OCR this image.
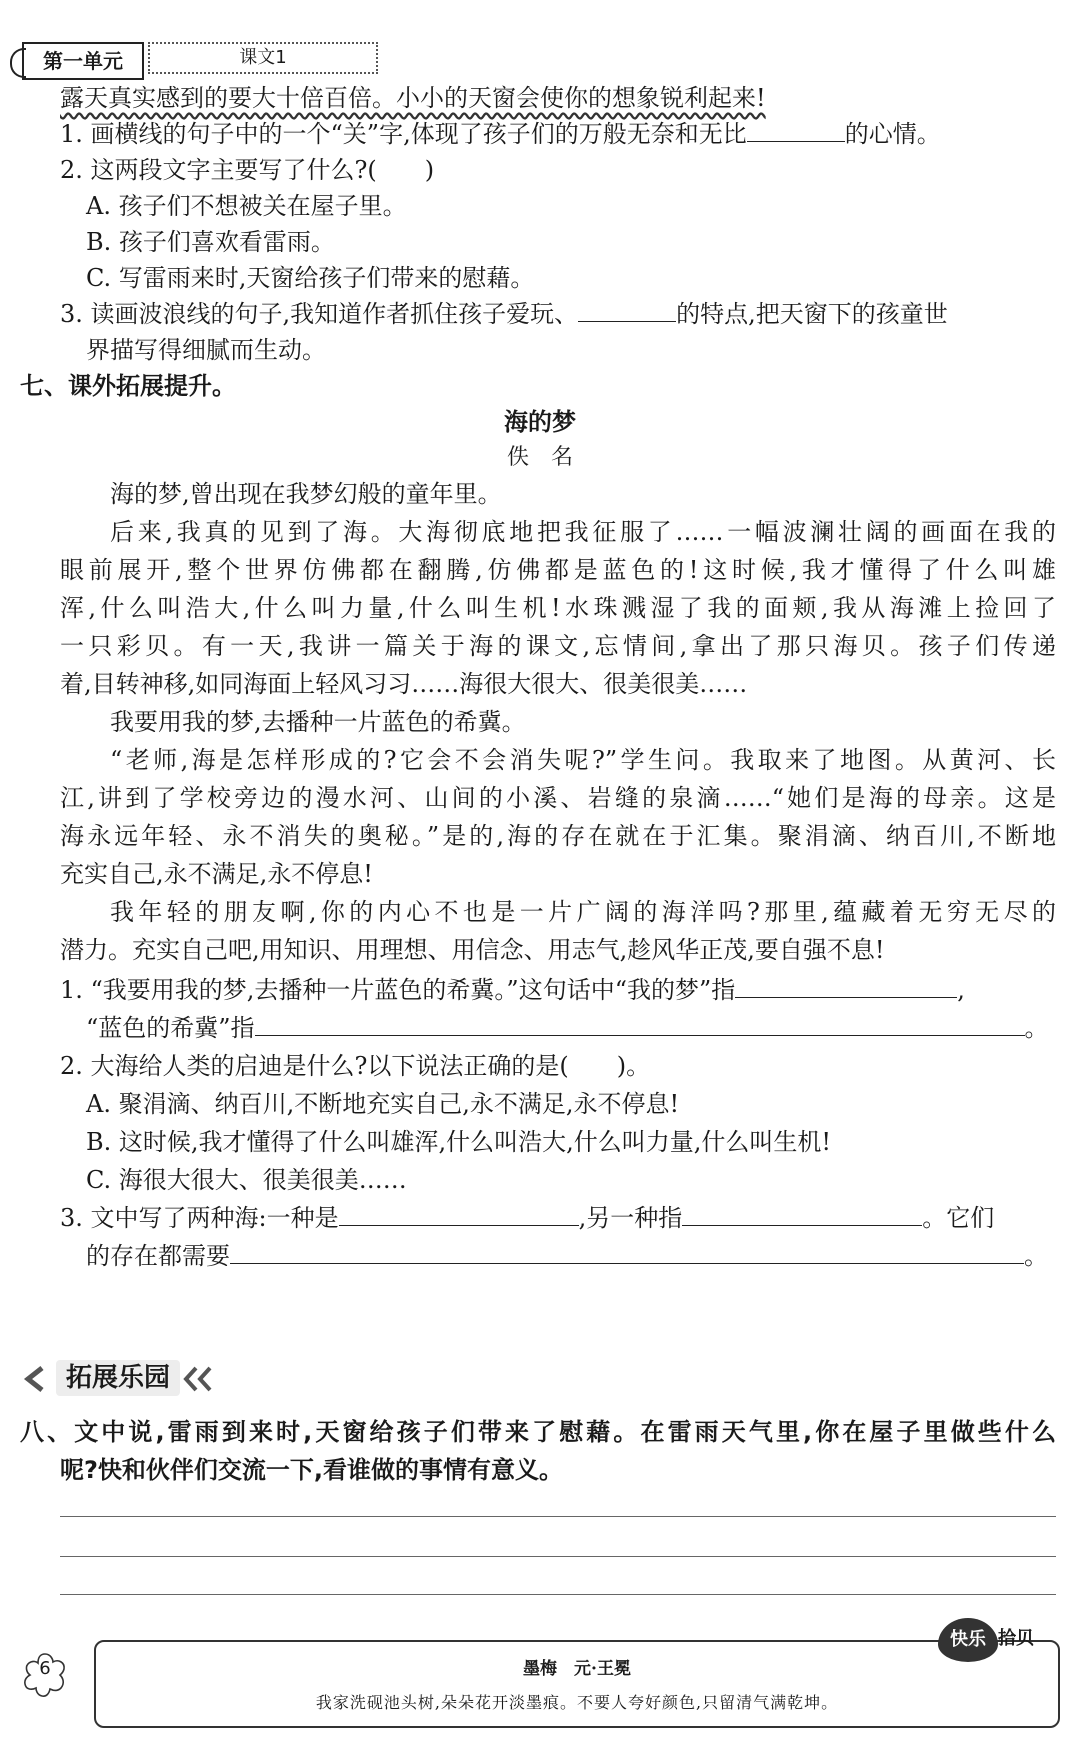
第一单元	课文1
露天真实感到的要大十倍百倍。小小的天窗会使你的想象锐利起来!
1. 画横线的句子中的一个“关”字,体现了孩子们的万般无奈和无比	的心情。
2. 这两段文字主要写了什么?(　　)
A. 孩子们不想被关在屋子里。
B. 孩子们喜欢看雷雨。
C. 写雷雨来时,天窗给孩子们带来的慰藉。
3. 读画波浪线的句子,我知道作者抓住孩子爱玩、	的特点,把天窗下的孩童世
界描写得细腻而生动。
七、课外拓展提升。
海的梦
佚　名
海的梦,曾出现在我梦幻般的童年里。
后来,我真的见到了海。大海彻底地把我征服了……一幅波澜壮阔的画面在我的
眼前展开,整个世界仿佛都在翻腾,仿佛都是蓝色的!这时候,我才懂得了什么叫雄
浑,什么叫浩大,什么叫力量,什么叫生机!水珠溅湿了我的面颊,我从海滩上捡回了
一只彩贝。有一天,我讲一篇关于海的课文,忘情间,拿出了那只海贝。孩子们传递
着,目转神移,如同海面上轻风习习……海很大很大、很美很美……
我要用我的梦,去播种一片蓝色的希冀。
“老师,海是怎样形成的?它会不会消失呢?”学生问。我取来了地图。从黄河、长
江,讲到了学校旁边的漫水河、山间的小溪、岩缝的泉滴……“她们是海的母亲。这是
海永远年轻、永不消失的奥秘。”是的,海的存在就在于汇集。聚涓滴、纳百川,不断地
充实自己,永不满足,永不停息!
我年轻的朋友啊,你的内心不也是一片广阔的海洋吗?那里,蕴藏着无穷无尽的
潜力。充实自己吧,用知识、用理想、用信念、用志气,趁风华正茂,要自强不息!
1. “我要用我的梦,去播种一片蓝色的希冀。”这句话中“我的梦”指	,
“蓝色的希冀”指	。
2. 大海给人类的启迪是什么?以下说法正确的是(　　)。
A. 聚涓滴、纳百川,不断地充实自己,永不满足,永不停息!
B. 这时候,我才懂得了什么叫雄浑,什么叫浩大,什么叫力量,什么叫生机!
C. 海很大很大、很美很美……
3. 文中写了两种海:一种是	,另一种指	。它们
的存在都需要	。
拓展乐园
八、文中说,雷雨到来时,天窗给孩子们带来了慰藉。在雷雨天气里,你在屋子里做些什么
呢?快和伙伴们交流一下,看谁做的事情有意义。
6	墨梅　元·王冕
我家洗砚池头树,朵朵花开淡墨痕。不要人夸好颜色,只留清气满乾坤。
快乐 拾贝
